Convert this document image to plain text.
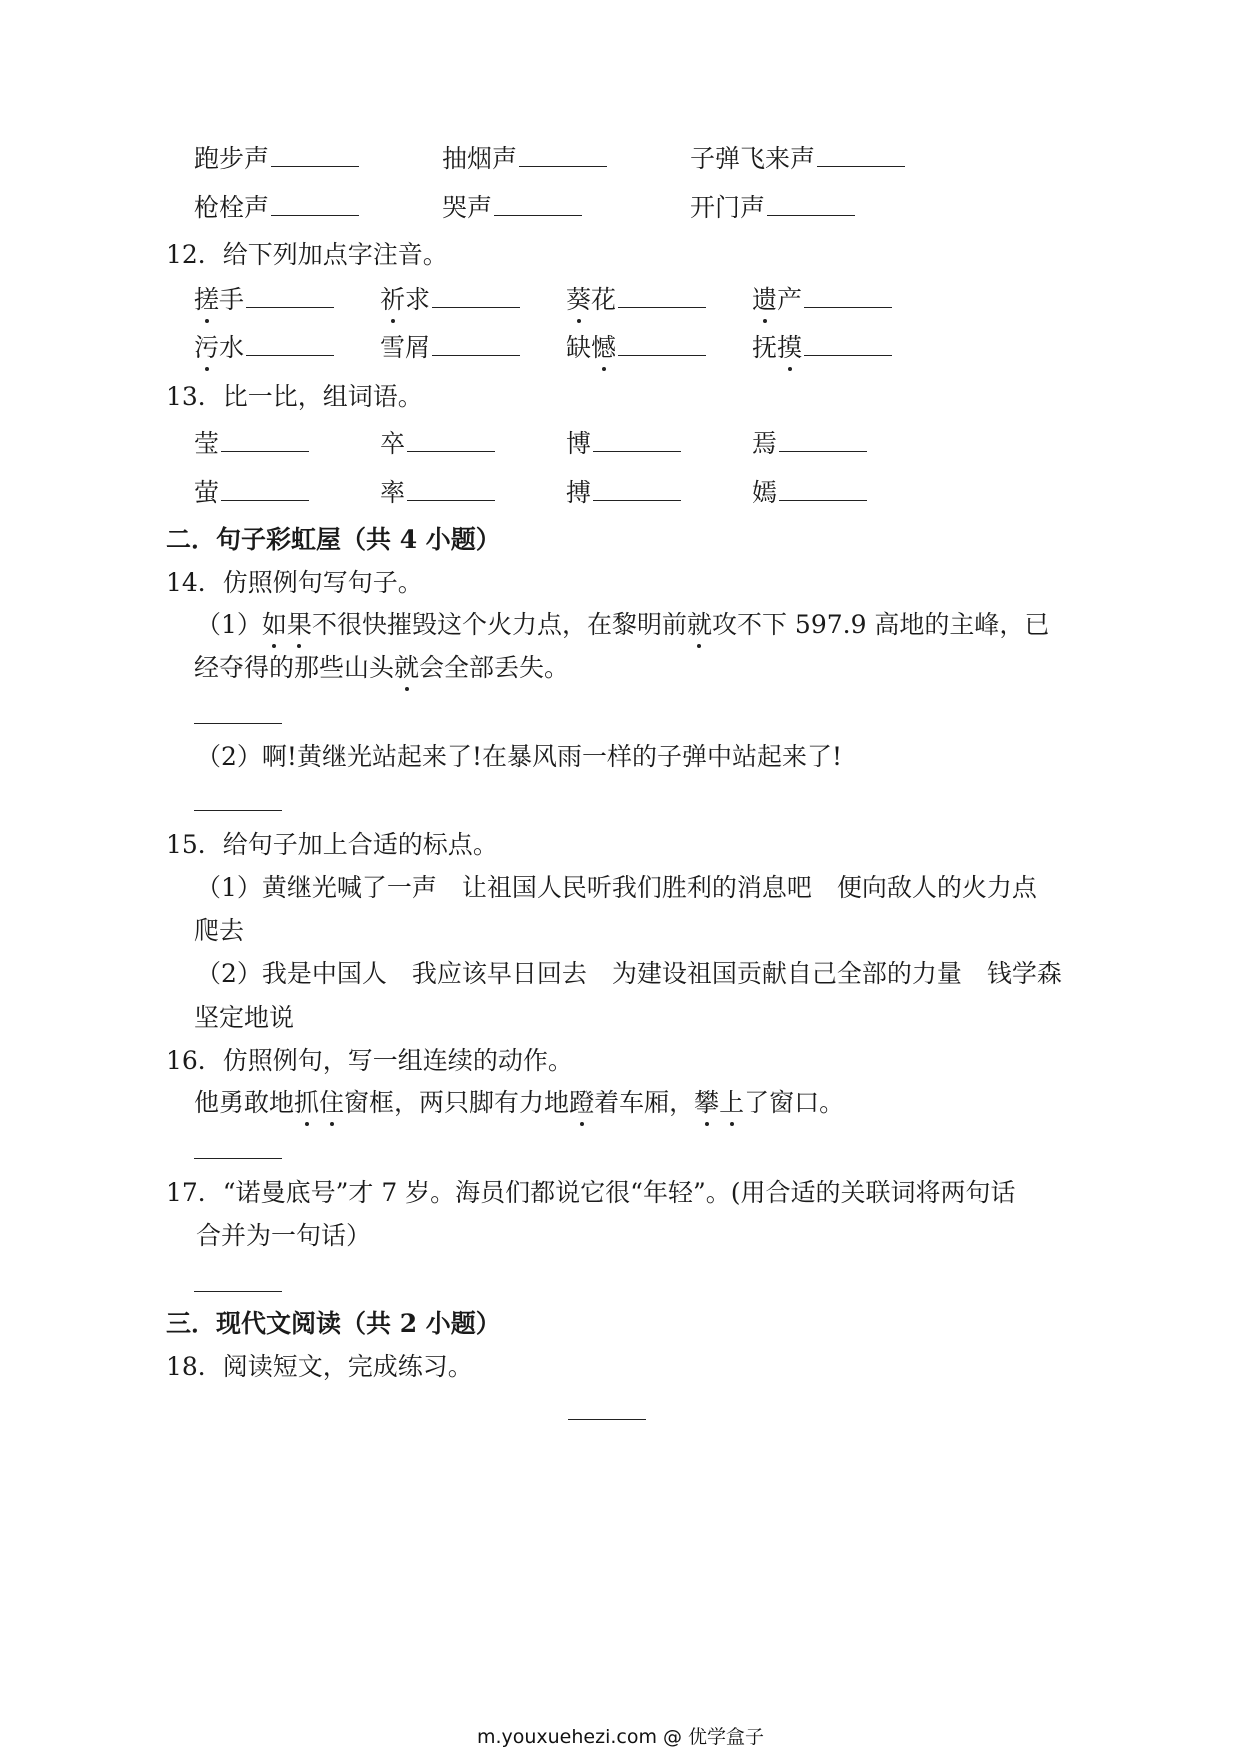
跑步声	抽烟声	子弹飞来声
枪栓声	哭声	开门声
12．给下列加点字注音。
搓手	祈求	葵花	遗产
污水	雪屑	缺憾	抚摸
13．比一比，组词语。
莹	卒	博	焉
萤	率	搏	嫣
二．句子彩虹屋（共 4 小题）
14．仿照例句写句子。
（1）如果不很快摧毁这个火力点，在黎明前就攻不下 597.9 高地的主峰，已
经夺得的那些山头就会全部丢失。
（2）啊!黄继光站起来了!在暴风雨一样的子弹中站起来了!
15．给句子加上合适的标点。
（1）黄继光喊了一声　让祖国人民听我们胜利的消息吧　便向敌人的火力点
爬去
（2）我是中国人　我应该早日回去　为建设祖国贡献自己全部的力量　钱学森
坚定地说
16．仿照例句，写一组连续的动作。
他勇敢地抓住窗框，两只脚有力地蹬着车厢，攀上了窗口。
17．“诺曼底号”才 7 岁。海员们都说它很“年轻”。(用合适的关联词将两句话
合并为一句话）
三．现代文阅读（共 2 小题）
18．阅读短文，完成练习。
m.youxuehezi.com @ 优学盒子
